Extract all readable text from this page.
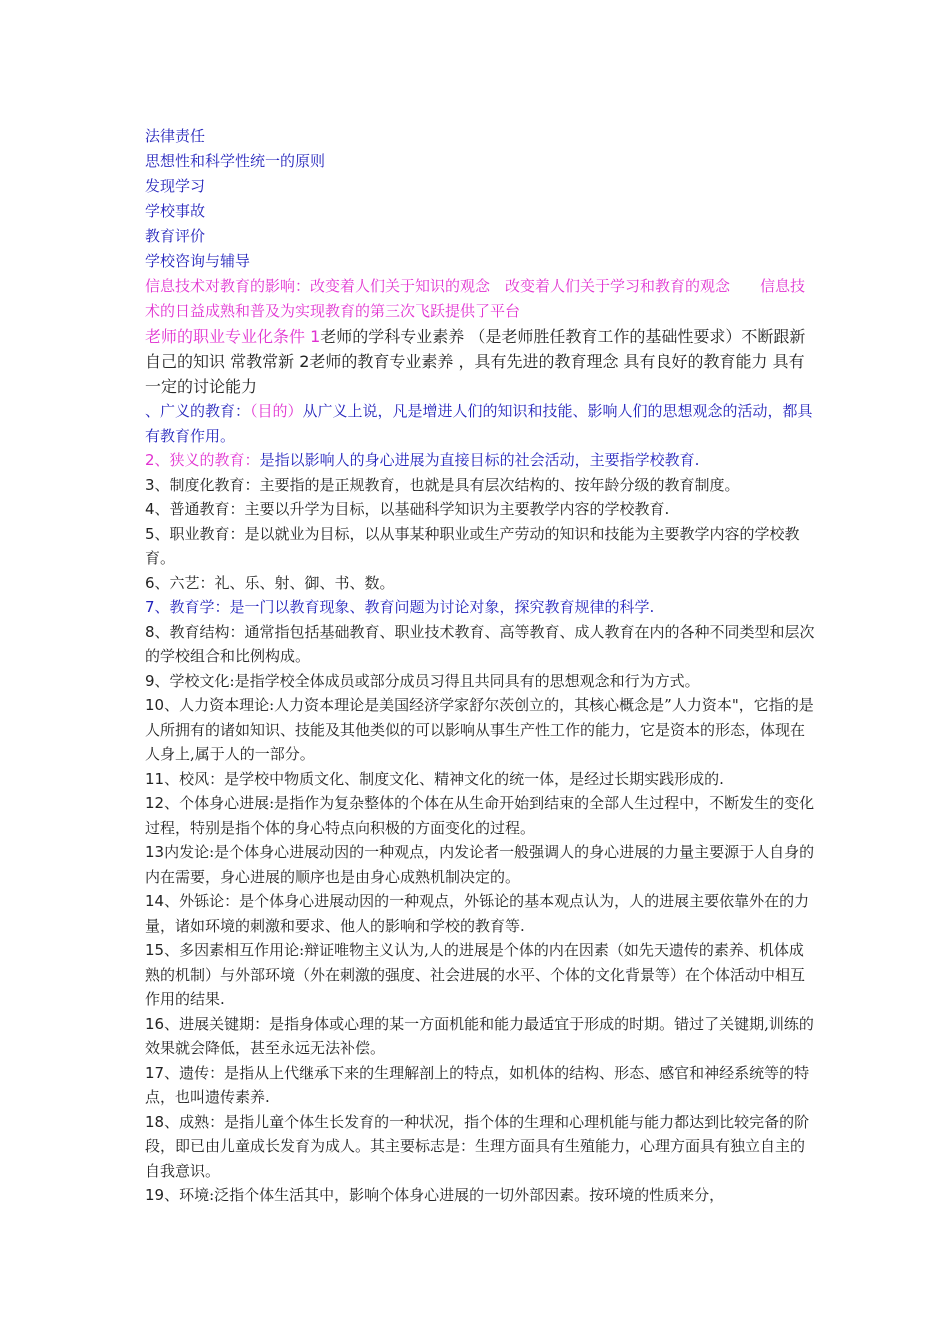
法律责任
思想性和科学性统一的原则
发现学习
学校事故
教育评价
学校咨询与辅导
信息技术对教育的影响：改变着人们关于知识的观念　改变着人们关于学习和教育的观念　　信息技术的日益成熟和普及为实现教育的第三次飞跃提供了平台
老师的职业专业化条件 1老师的学科专业素养 （是老师胜任教育工作的基础性要求）不断跟新自己的知识 常教常新 2老师的教育专业素养 ，具有先进的教育理念 具有良好的教育能力 具有一定的讨论能力
、广义的教育：（目的）从广义上说，凡是增进人们的知识和技能、影响人们的思想观念的活动，都具有教育作用。
2、狭义的教育：是指以影响人的身心进展为直接目标的社会活动，主要指学校教育.
3、制度化教育：主要指的是正规教育，也就是具有层次结构的、按年龄分级的教育制度。
4、普通教育：主要以升学为目标，以基础科学知识为主要教学内容的学校教育.
5、职业教育：是以就业为目标，以从事某种职业或生产劳动的知识和技能为主要教学内容的学校教育。
6、六艺：礼、乐、射、御、书、数。
7、教育学：是一门以教育现象、教育问题为讨论对象，探究教育规律的科学.
8、教育结构：通常指包括基础教育、职业技术教育、高等教育、成人教育在内的各种不同类型和层次的学校组合和比例构成。
9、学校文化:是指学校全体成员或部分成员习得且共同具有的思想观念和行为方式。
10、人力资本理论:人力资本理论是美国经济学家舒尔茨创立的，其核心概念是”人力资本"，它指的是人所拥有的诸如知识、技能及其他类似的可以影响从事生产性工作的能力，它是资本的形态，体现在人身上,属于人的一部分。
11、校风：是学校中物质文化、制度文化、精神文化的统一体，是经过长期实践形成的.
12、个体身心进展:是指作为复杂整体的个体在从生命开始到结束的全部人生过程中，不断发生的变化过程，特别是指个体的身心特点向积极的方面变化的过程。
13内发论:是个体身心进展动因的一种观点，内发论者一般强调人的身心进展的力量主要源于人自身的内在需要，身心进展的顺序也是由身心成熟机制决定的。
14、外铄论：是个体身心进展动因的一种观点，外铄论的基本观点认为，人的进展主要依靠外在的力量，诸如环境的刺激和要求、他人的影响和学校的教育等.
15、多因素相互作用论:辩证唯物主义认为,人的进展是个体的内在因素（如先天遗传的素养、机体成熟的机制）与外部环境（外在刺激的强度、社会进展的水平、个体的文化背景等）在个体活动中相互作用的结果.
16、进展关键期：是指身体或心理的某一方面机能和能力最适宜于形成的时期。错过了关键期,训练的效果就会降低，甚至永远无法补偿。
17、遗传：是指从上代继承下来的生理解剖上的特点，如机体的结构、形态、感官和神经系统等的特点，也叫遗传素养.
18、成熟：是指儿童个体生长发育的一种状况，指个体的生理和心理机能与能力都达到比较完备的阶段，即已由儿童成长发育为成人。其主要标志是：生理方面具有生殖能力，心理方面具有独立自主的自我意识。
19、环境:泛指个体生活其中，影响个体身心进展的一切外部因素。按环境的性质来分，
